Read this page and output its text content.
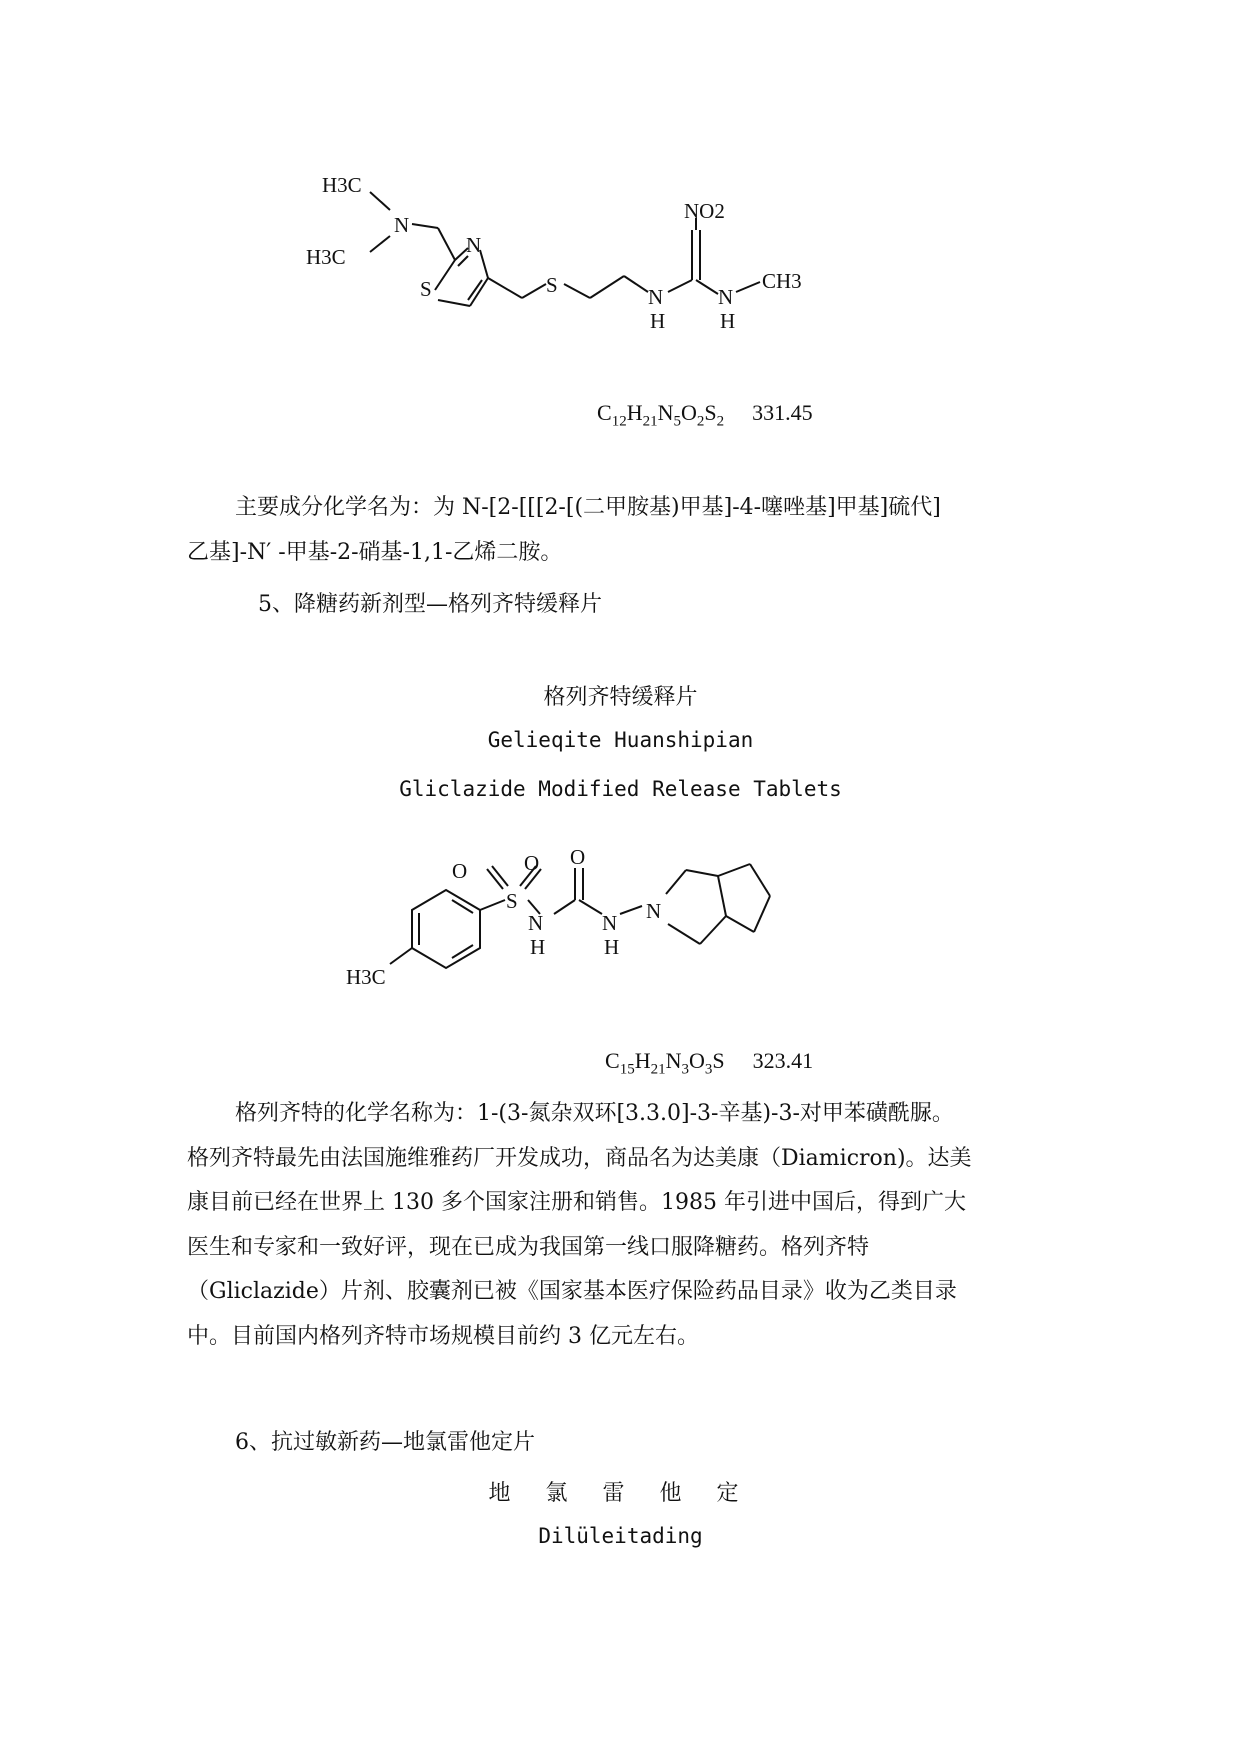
H3C
N
H3C	N
S	S
NO2
N
H
N
H
CH3
$C_{12}H_{21}N_5O_2S_2$ 331.45

主要成分化学名为：为 N-[2-[[[2-[(二甲胺基)甲基]-4-噻唑基]甲基]硫代]

乙基]-N′ -甲基-2-硝基-1,1-乙烯二胺。

5、降糖药新剂型—格列齐特缓释片
格列齐特缓释片
Gelieqite Huanshipian
Gliclazide Modified Release Tablets
O	O
S
N
H
O
N
H
N
H3C
$C_{15}H_{21}N_3O_3S$ 323.41

格列齐特的化学名称为：1-(3-氮杂双环[3.3.0]-3-辛基)-3-对甲苯磺酰脲。

格列齐特最先由法国施维雅药厂开发成功，商品名为达美康（Diamicron)。达美

康目前已经在世界上 130 多个国家注册和销售。1985 年引进中国后，得到广大

医生和专家和一致好评，现在已成为我国第一线口服降糖药。格列齐特

（Gliclazide）片剂、胶囊剂已被《国家基本医疗保险药品目录》收为乙类目录

中。目前国内格列齐特市场规模目前约 3 亿元左右。

6、抗过敏新药—地氯雷他定片
地 氯 雷 他 定
Dilüleitading
